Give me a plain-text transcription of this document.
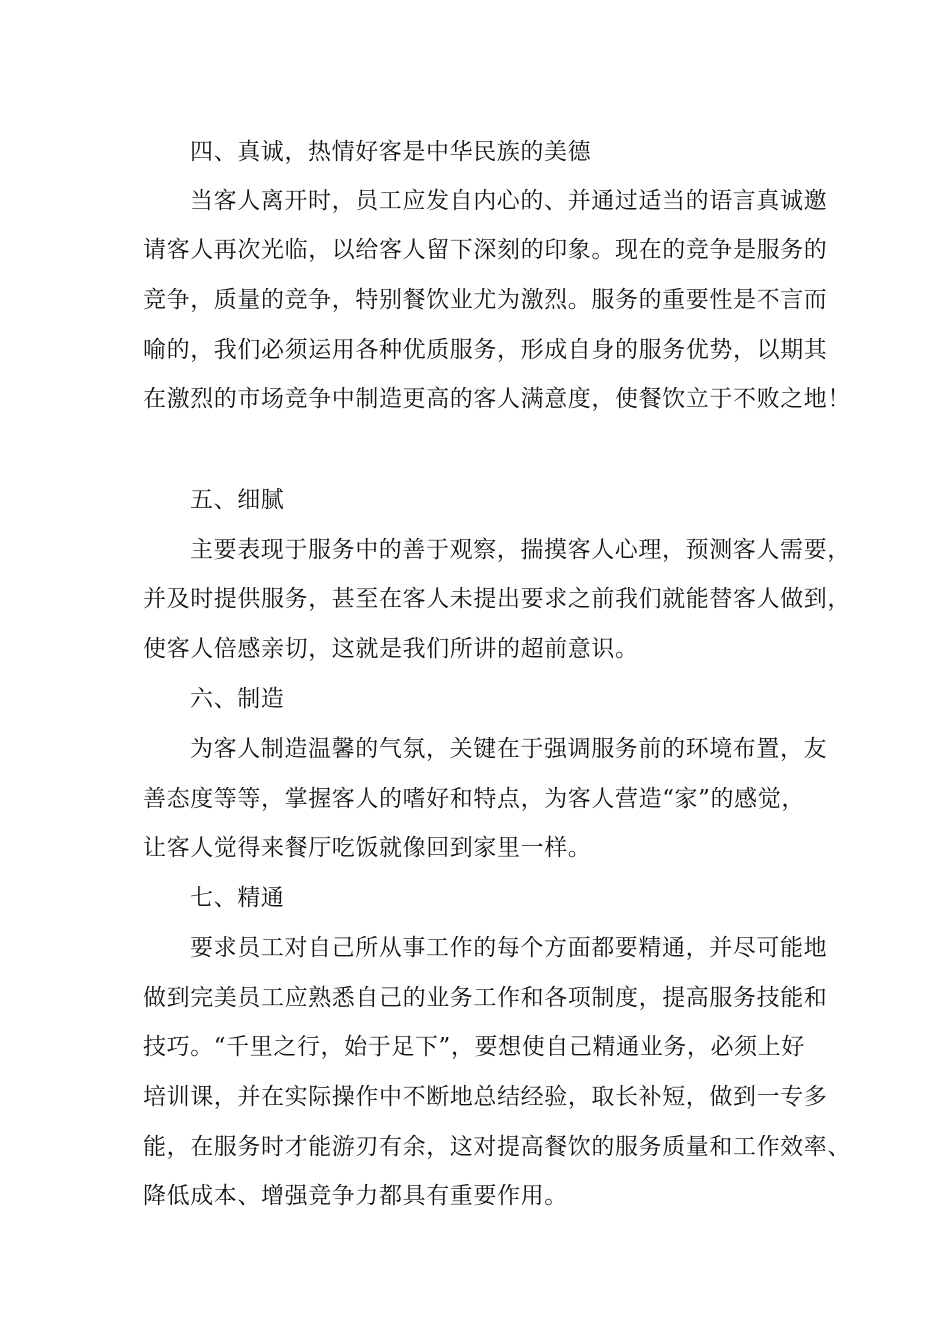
四、真诚，热情好客是中华民族的美德
当客人离开时，员工应发自内心的、并通过适当的语言真诚邀
请客人再次光临，以给客人留下深刻的印象。现在的竞争是服务的
竞争，质量的竞争，特别餐饮业尤为激烈。服务的重要性是不言而
喻的，我们必须运用各种优质服务，形成自身的服务优势，以期其
在激烈的市场竞争中制造更高的客人满意度，使餐饮立于不败之地！
五、细腻
主要表现于服务中的善于观察，揣摸客人心理，预测客人需要，
并及时提供服务，甚至在客人未提出要求之前我们就能替客人做到，
使客人倍感亲切，这就是我们所讲的超前意识。
六、制造
为客人制造温馨的气氛，关键在于强调服务前的环境布置，友
善态度等等，掌握客人的嗜好和特点，为客人营造“家”的感觉，
让客人觉得来餐厅吃饭就像回到家里一样。
七、精通
要求员工对自己所从事工作的每个方面都要精通，并尽可能地
做到完美员工应熟悉自己的业务工作和各项制度，提高服务技能和
技巧。“千里之行，始于足下”，要想使自己精通业务，必须上好
培训课，并在实际操作中不断地总结经验，取长补短，做到一专多
能，在服务时才能游刃有余，这对提高餐饮的服务质量和工作效率、
降低成本、增强竞争力都具有重要作用。
